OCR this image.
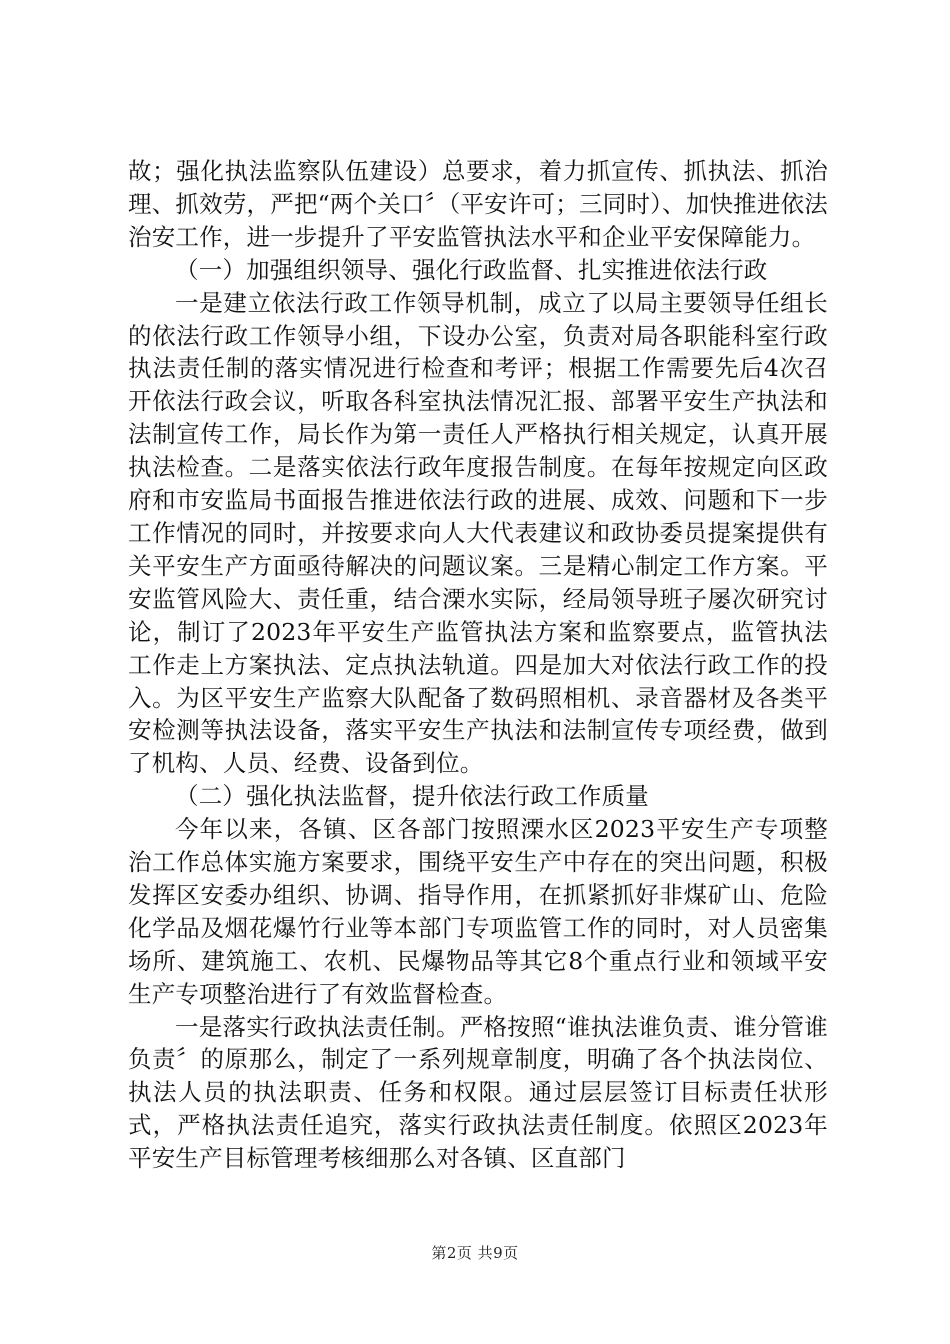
故；强化执法监察队伍建设）总要求，着力抓宣传、抓执法、抓治理、抓效劳，严把“两个关口〞（平安许可；三同时）、加快推进依法治安工作，进一步提升了平安监管执法水平和企业平安保障能力。

（一）加强组织领导、强化行政监督、扎实推进依法行政

一是建立依法行政工作领导机制，成立了以局主要领导任组长的依法行政工作领导小组，下设办公室，负责对局各职能科室行政执法责任制的落实情况进行检查和考评；根据工作需要先后4次召开依法行政会议，听取各科室执法情况汇报、部署平安生产执法和法制宣传工作，局长作为第一责任人严格执行相关规定，认真开展执法检查。二是落实依法行政年度报告制度。在每年按规定向区政府和市安监局书面报告推进依法行政的进展、成效、问题和下一步工作情况的同时，并按要求向人大代表建议和政协委员提案提供有关平安生产方面亟待解决的问题议案。三是精心制定工作方案。平安监管风险大、责任重，结合溧水实际，经局领导班子屡次研究讨论，制订了2023年平安生产监管执法方案和监察要点，监管执法工作走上方案执法、定点执法轨道。四是加大对依法行政工作的投入。为区平安生产监察大队配备了数码照相机、录音器材及各类平安检测等执法设备，落实平安生产执法和法制宣传专项经费，做到了机构、人员、经费、设备到位。

（二）强化执法监督，提升依法行政工作质量

今年以来，各镇、区各部门按照溧水区2023平安生产专项整治工作总体实施方案要求，围绕平安生产中存在的突出问题，积极发挥区安委办组织、协调、指导作用，在抓紧抓好非煤矿山、危险化学品及烟花爆竹行业等本部门专项监管工作的同时，对人员密集场所、建筑施工、农机、民爆物品等其它8个重点行业和领域平安生产专项整治进行了有效监督检查。

一是落实行政执法责任制。严格按照“谁执法谁负责、谁分管谁负责〞的原那么，制定了一系列规章制度，明确了各个执法岗位、执法人员的执法职责、任务和权限。通过层层签订目标责任状形式，严格执法责任追究，落实行政执法责任制度。依照区2023年平安生产目标管理考核细那么对各镇、区直部门

第2页 共9页
